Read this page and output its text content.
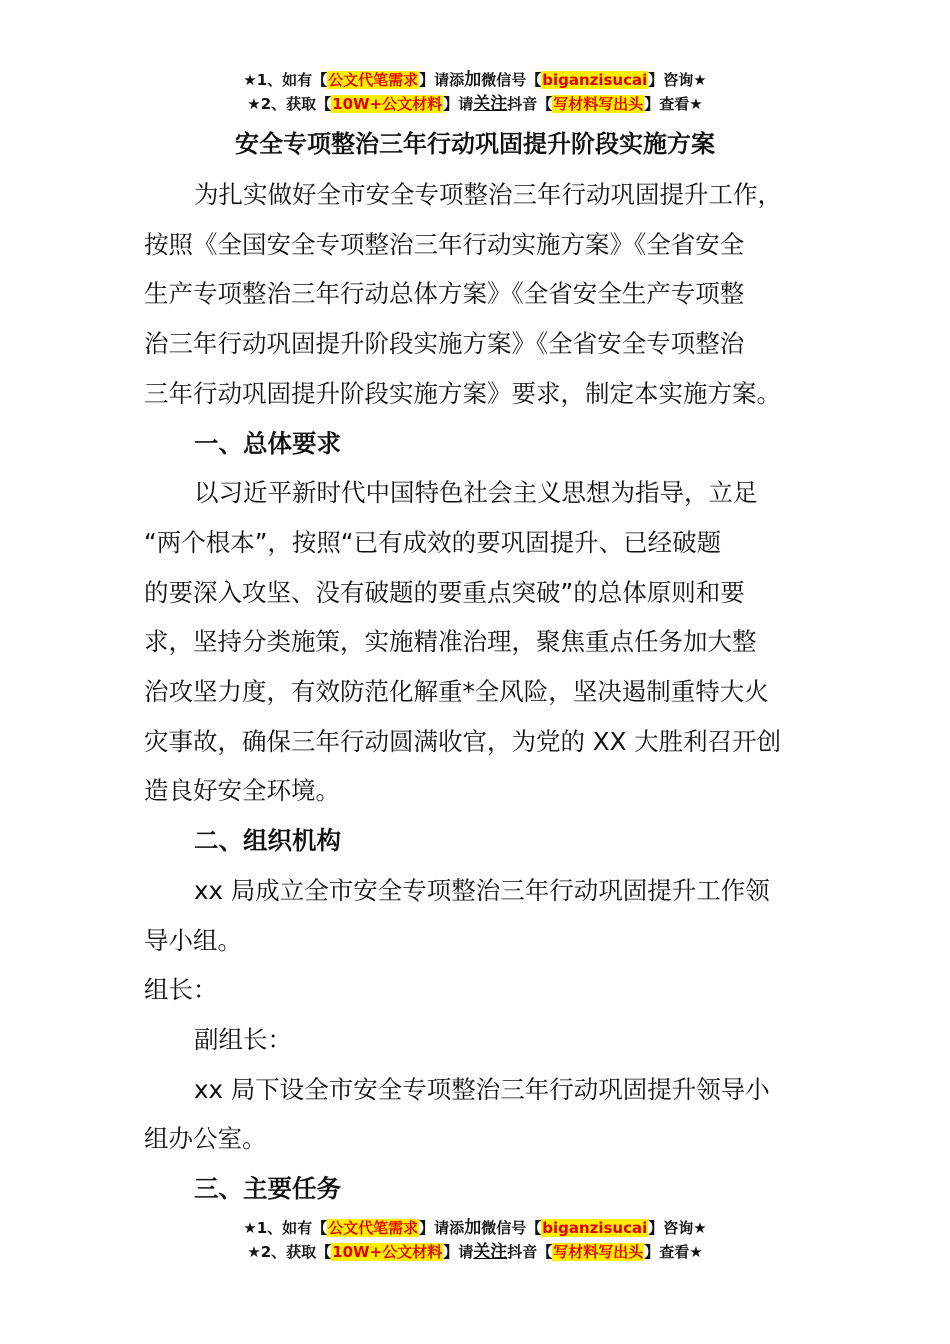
★1、如有【公文代笔需求】请添加微信号【biganzisucai】咨询★
★2、获取【10W+公文材料】请关注抖音【写材料写出头】查看★
安全专项整治三年行动巩固提升阶段实施方案

为扎实做好全市安全专项整治三年行动巩固提升工作，

按照《全国安全专项整治三年行动实施方案》《全省安全

生产专项整治三年行动总体方案》《全省安全生产专项整

治三年行动巩固提升阶段实施方案》《全省安全专项整治

三年行动巩固提升阶段实施方案》要求，制定本实施方案。

一、总体要求

以习近平新时代中国特色社会主义思想为指导，立足

“两个根本”，按照“已有成效的要巩固提升、已经破题

的要深入攻坚、没有破题的要重点突破”的总体原则和要

求，坚持分类施策，实施精准治理，聚焦重点任务加大整

治攻坚力度，有效防范化解重*全风险，坚决遏制重特大火

灾事故，确保三年行动圆满收官，为党的 XX 大胜利召开创

造良好安全环境。

二、组织机构

xx 局成立全市安全专项整治三年行动巩固提升工作领

导小组。

组长：

副组长：

xx 局下设全市安全专项整治三年行动巩固提升领导小

组办公室。

三、主要任务

★1、如有【公文代笔需求】请添加微信号【biganzisucai】咨询★
★2、获取【10W+公文材料】请关注抖音【写材料写出头】查看★
